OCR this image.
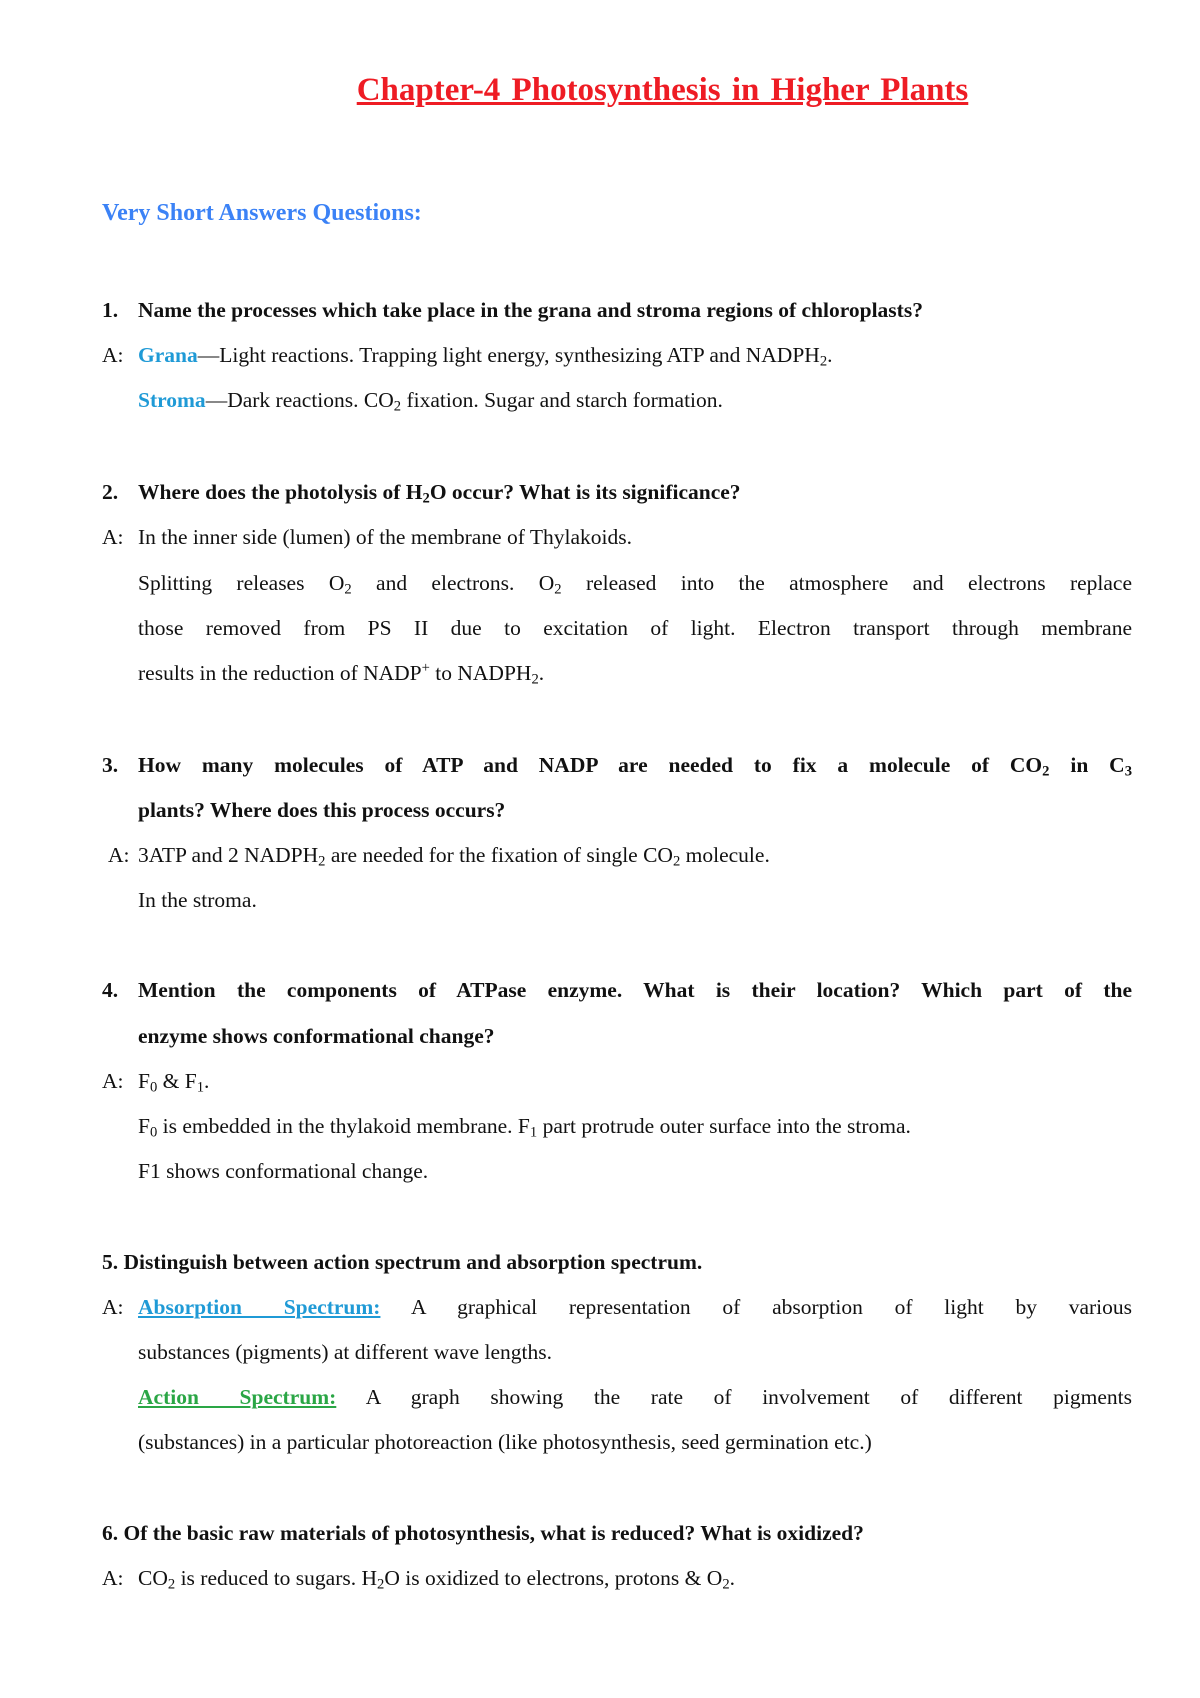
Chapter-4 Photosynthesis in Higher Plants
Very Short Answers Questions:
1. Name the processes which take place in the grana and stroma regions of chloroplasts?
A: Grana—Light reactions. Trapping light energy, synthesizing ATP and $NADPH_2$.
Stroma—Dark reactions. $CO_2$ fixation. Sugar and starch formation.
2. Where does the photolysis of $H_2O$ occur? What is its significance?
A: In the inner side (lumen) of the membrane of Thylakoids.
Splitting releases $O_2$ and electrons. $O_2$ released into the atmosphere and electrons replace
those removed from PS II due to excitation of light. Electron transport through membrane
results in the reduction of NADP+ to $NADPH_2$.
3. How many molecules of ATP and NADP are needed to fix a molecule of $CO_2$ in $C_3$
plants? Where does this process occurs?
A: 3ATP and 2 $NADPH_2$ are needed for the fixation of single $CO_2$ molecule.
In the stroma.
4. Mention the components of ATPase enzyme. What is their location? Which part of the
enzyme shows conformational change?
A: $F_0$ & $F_1$.
$F_0$ is embedded in the thylakoid membrane. $F_1$ part protrude outer surface into the stroma.
F1 shows conformational change.
5. Distinguish between action spectrum and absorption spectrum.
A: Absorption Spectrum: A graphical representation of absorption of light by various
substances (pigments) at different wave lengths.
Action Spectrum: A graph showing the rate of involvement of different pigments
(substances) in a particular photoreaction (like photosynthesis, seed germination etc.)
6. Of the basic raw materials of photosynthesis, what is reduced? What is oxidized?
A: $CO_2$ is reduced to sugars. $H_2O$ is oxidized to electrons, protons & $O_2$.
